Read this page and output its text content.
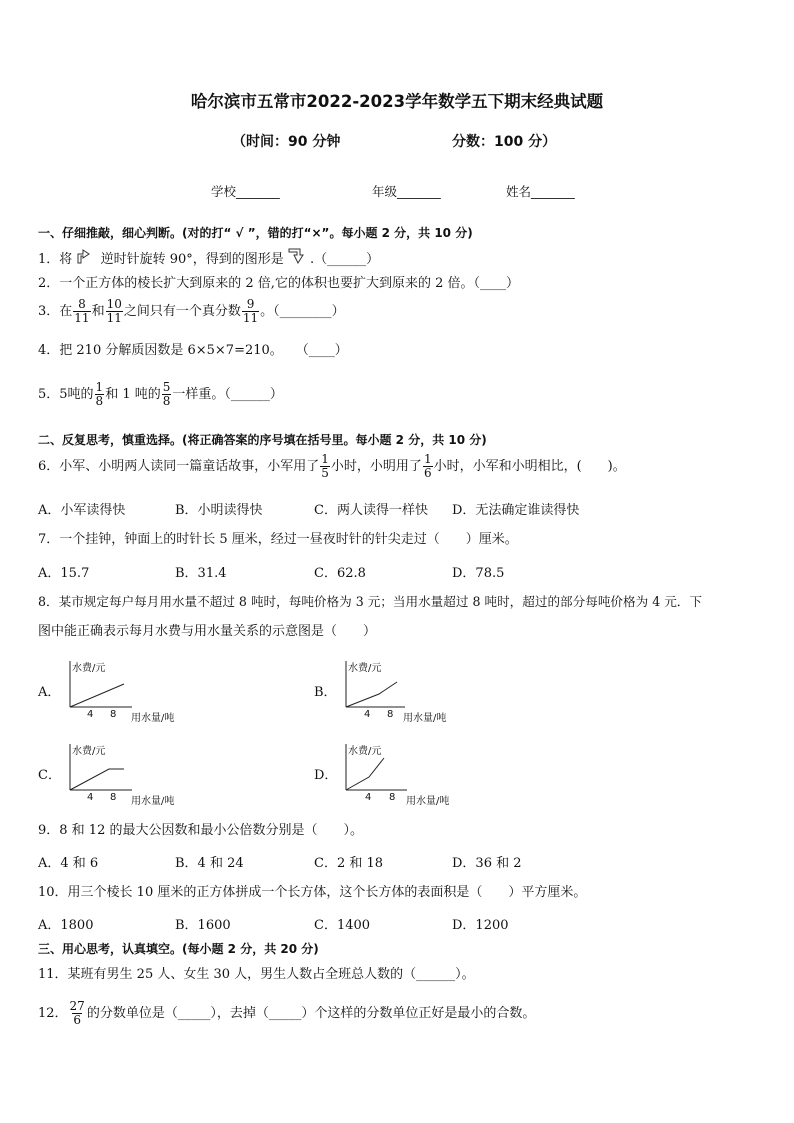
哈尔滨市五常市2022-2023学年数学五下期末经典试题
（时间：90 分钟	分数：100 分）
学校_______	年级_______	姓名_______
一、仔细推敲，细心判断。(对的打“ √ ”，错的打“×”。每小题 2 分，共 10 分)
1．将 逆时针旋转 90°，得到的图形是 .（______）
2．一个正方体的棱长扩大到原来的 2 倍,它的体积也要扩大到原来的 2 倍。（____）
3．在 $\frac{8}{11}$ 和 $\frac{10}{11}$ 之间只有一个真分数 $\frac{9}{11}$ 。（________）
4．把 210 分解质因数是 6×5×7=210。　　（____）
5．5吨的 $\frac{1}{8}$ 和 1 吨的 $\frac{5}{8}$ 一样重。（______）
二、反复思考，慎重选择。(将正确答案的序号填在括号里。每小题 2 分，共 10 分)
6．小军、小明两人读同一篇童话故事，小军用了 $\frac{1}{5}$ 小时，小明用了 $\frac{1}{6}$ 小时，小军和小明相比，(　　)。
A．小军读得快	B．小明读得快	C．两人读得一样快 D．无法确定谁读得快
7．一个挂钟，钟面上的时针长 5 厘米，经过一昼夜时针的针尖走过（　　）厘米。
A．15.7	B．31.4	C．62.8	D．78.5
8．某市规定每户每月用水量不超过 8 吨时，每吨价格为 3 元；当用水量超过 8 吨时，超过的部分每吨价格为 4 元．下
图中能正确表示每月水费与用水量关系的示意图是（　　）
A．
水费/元
4 8 用水量/吨
B．
水费/元
4 8 用水量/吨
C．
水费/元
4 8 用水量/吨
D．
水费/元
4 8 用水量/吨
9．8 和 12 的最大公因数和最小公倍数分别是（　　）。
A．4 和 6	B．4 和 24	C．2 和 18	D．36 和 2
10．用三个棱长 10 厘米的正方体拼成一个长方体，这个长方体的表面积是（　　）平方厘米。
A．1800	B．1600	C．1400	D．1200
三、用心思考，认真填空。(每小题 2 分，共 20 分)
11．某班有男生 25 人、女生 30 人，男生人数占全班总人数的（______）。
12． $\frac{27}{6}$ 的分数单位是（_____），去掉（_____）个这样的分数单位正好是最小的合数。
